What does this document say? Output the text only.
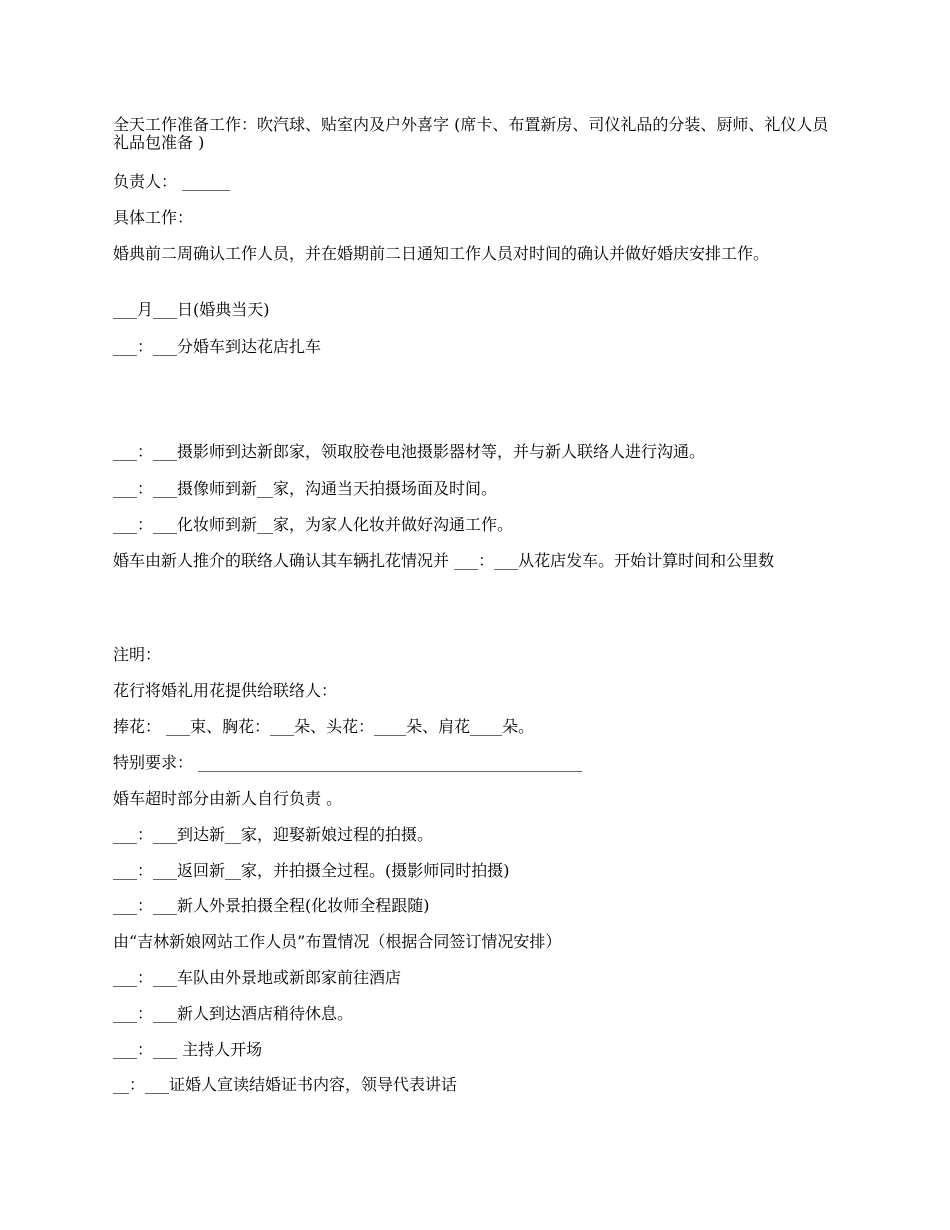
全天工作准备工作：吹汽球、贴室内及户外喜字 (席卡、布置新房、司仪礼品的分装、厨师、礼仪人员礼品包准备 )

负责人： ______

具体工作：

婚典前二周确认工作人员，并在婚期前二日通知工作人员对时间的确认并做好婚庆安排工作。

___月___日(婚典当天)

___：___分婚车到达花店扎车

___：___摄影师到达新郎家，领取胶卷电池摄影器材等，并与新人联络人进行沟通。

___：___摄像师到新__家，沟通当天拍摄场面及时间。

___：___化妆师到新__家，为家人化妆并做好沟通工作。

婚车由新人推介的联络人确认其车辆扎花情况并 ___：___从花店发车。开始计算时间和公里数

注明：

花行将婚礼用花提供给联络人：

捧花： ___束、胸花：___朵、头花：____朵、肩花____朵。

特别要求： ________________________________________________

婚车超时部分由新人自行负责 。

___：___到达新__家，迎娶新娘过程的拍摄。

___：___返回新__家，并拍摄全过程。(摄影师同时拍摄)

___：___新人外景拍摄全程(化妆师全程跟随)

由“吉林新娘网站工作人员”布置情况（根据合同签订情况安排）

___：___车队由外景地或新郎家前往酒店

___：___新人到达酒店稍待休息。

___：___ 主持人开场

__：___证婚人宣读结婚证书内容，领导代表讲话
